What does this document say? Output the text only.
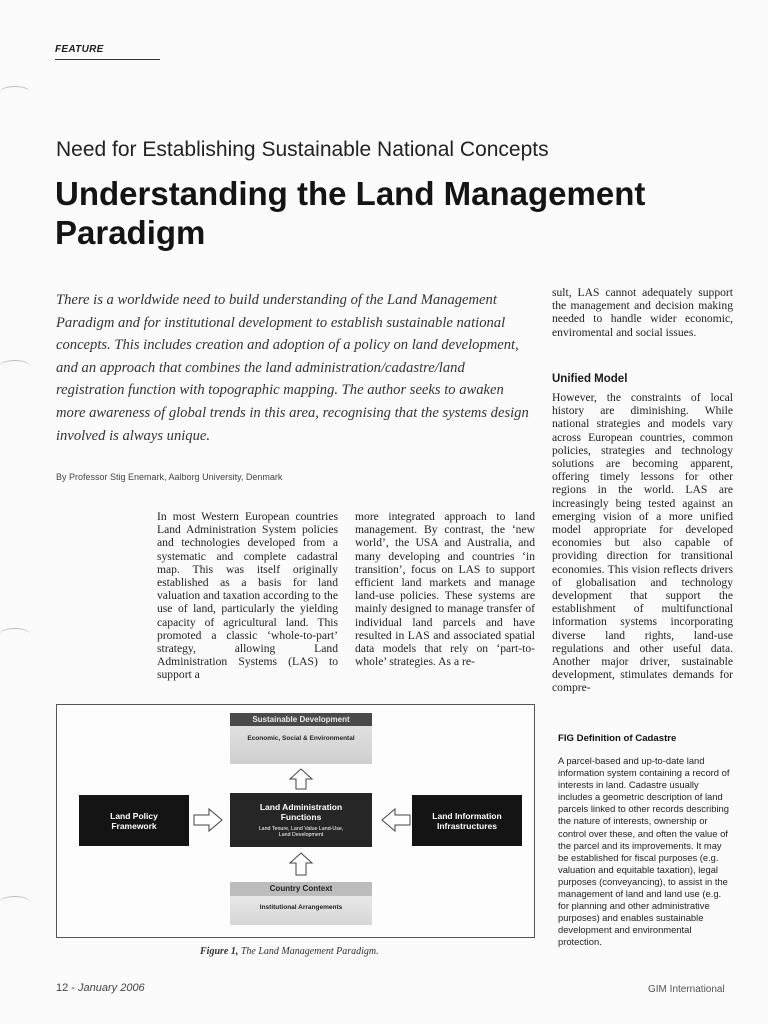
FEATURE
Need for Establishing Sustainable National Concepts
Understanding the Land Management Paradigm
There is a worldwide need to build understanding of the Land Management Paradigm and for institutional development to establish sustainable national concepts. This includes creation and adoption of a policy on land development, and an approach that combines the land administration/cadastre/land registration function with topographic mapping. The author seeks to awaken more awareness of global trends in this area, recognising that the systems design involved is always unique.
By Professor Stig Enemark, Aalborg University, Denmark

In most Western European countries Land Administration System policies and technologies developed from a systematic and complete cadastral map. This was itself originally established as a basis for land valuation and taxation according to the use of land, particularly the yielding capacity of agricultural land. This promoted a classic ‘whole-to-part’ strategy, allowing Land Administration Systems (LAS) to support a

more integrated approach to land management. By contrast, the ‘new world’, the USA and Australia, and many developing and countries ‘in transition’, focus on LAS to support efficient land markets and manage land-use policies. These systems are mainly designed to manage transfer of individual land parcels and have resulted in LAS and associated spatial data models that rely on ‘part-to-whole’ strategies. As a re-

sult, LAS cannot adequately support the management and decision making needed to handle wider economic, enviromental and social issues.

Unified Model

However, the constraints of local history are diminishing. While national strategies and models vary across European countries, common policies, strategies and technology solutions are becoming apparent, offering timely lessons for other regions in the world. LAS are increasingly being tested against an emerging vision of a more unified model appropriate for developed economies but also capable of providing direction for transitional economies. This vision reflects drivers of globalisation and technology development that support the establishment of multifunctional information systems incorporating diverse land rights, land-use regulations and other useful data. Another major driver, sustainable development, stimulates demands for compre-

Sustainable Development
Economic, Social & Environmental
Land Policy Framework
Land Administration Functions
Land Tenure, Land Value Land-Use, Land Development
Land Information Infrastructures
Country Context
Institutional Arrangements
Figure 1, The Land Management Paradigm.
FIG Definition of Cadastre
A parcel-based and up-to-date land information system containing a record of interests in land. Cadastre usually includes a geometric description of land parcels linked to other records describing the nature of interests, ownership or control over these, and often the value of the parcel and its improvements. It may be established for fiscal purposes (e.g. valuation and equitable taxation), legal purposes (conveyancing), to assist in the management of land and land use (e.g. for planning and other administrative purposes) and enables sustainable development and environmental protection.
12 - January 2006	GIM International
